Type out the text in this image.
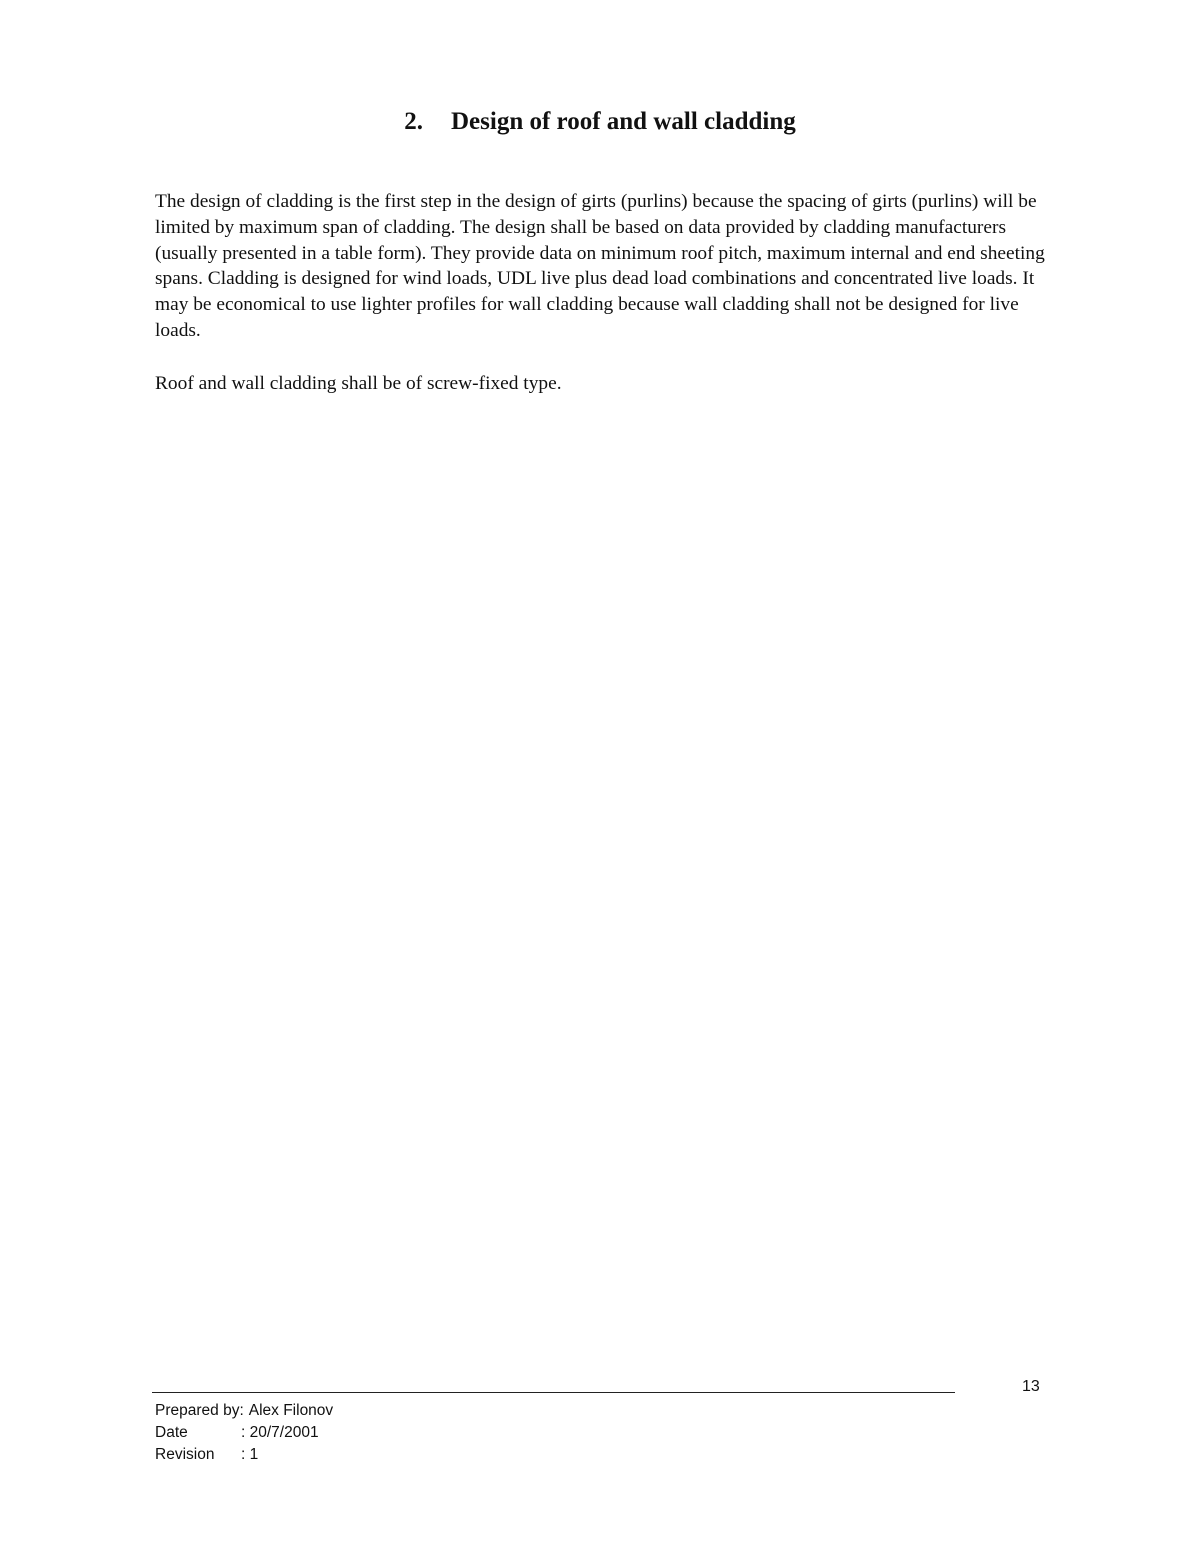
2. Design of roof and wall cladding

The design of cladding is the first step in the design of girts (purlins) because the spacing of girts (purlins) will be limited by maximum span of cladding. The design shall be based on data provided by cladding manufacturers (usually presented in a table form). They provide data on minimum roof pitch, maximum internal and end sheeting spans. Cladding is designed for wind loads, UDL live plus dead load combinations and concentrated live loads. It may be economical to use lighter profiles for wall cladding because wall cladding shall not be designed for live loads.

Roof and wall cladding shall be of screw-fixed type.

13
Prepared by: Alex Filonov
Date	: 20/7/2001
Revision : 1
